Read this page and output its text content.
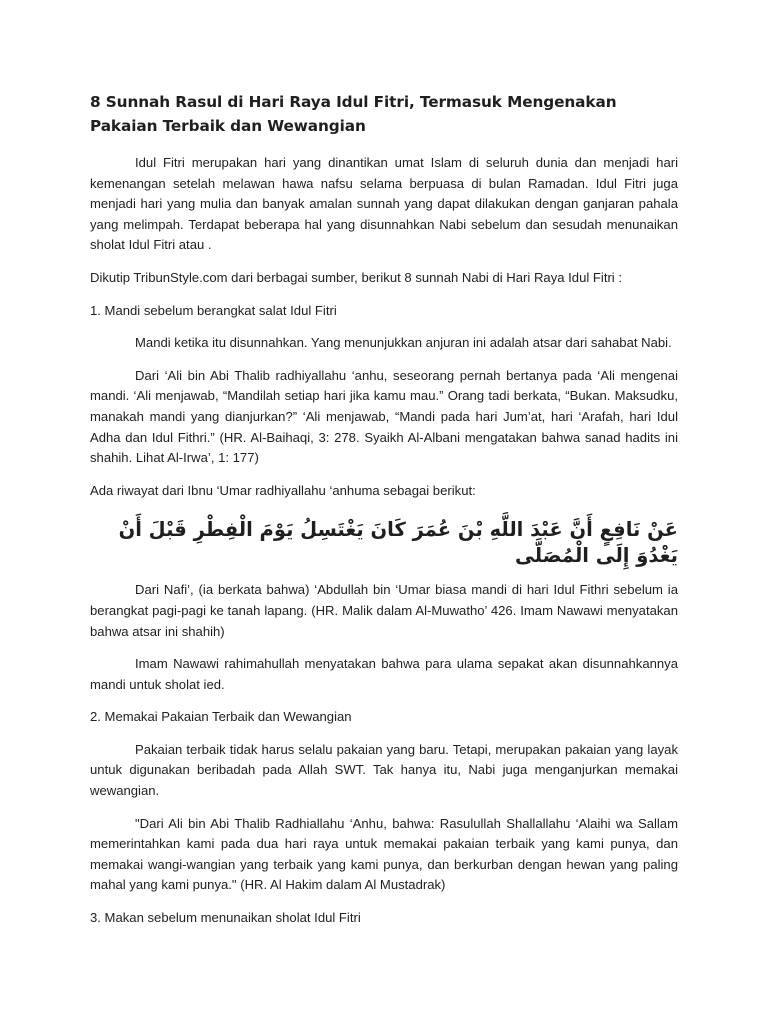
8 Sunnah Rasul di Hari Raya Idul Fitri, Termasuk Mengenakan Pakaian Terbaik dan Wewangian
Idul Fitri merupakan hari yang dinantikan umat Islam di seluruh dunia dan menjadi hari kemenangan setelah melawan hawa nafsu selama berpuasa di bulan Ramadan. Idul Fitri juga menjadi hari yang mulia dan banyak amalan sunnah yang dapat dilakukan dengan ganjaran pahala yang melimpah. Terdapat beberapa hal yang disunnahkan Nabi sebelum dan sesudah menunaikan sholat Idul Fitri atau .
Dikutip TribunStyle.com dari berbagai sumber, berikut 8 sunnah Nabi di Hari Raya Idul Fitri :
1. Mandi sebelum berangkat salat Idul Fitri
Mandi ketika itu disunnahkan. Yang menunjukkan anjuran ini adalah atsar dari sahabat Nabi.
Dari ‘Ali bin Abi Thalib radhiyallahu ‘anhu, seseorang pernah bertanya pada ‘Ali mengenai mandi. ‘Ali menjawab, “Mandilah setiap hari jika kamu mau.” Orang tadi berkata, “Bukan. Maksudku, manakah mandi yang dianjurkan?” ‘Ali menjawab, “Mandi pada hari Jum’at, hari ‘Arafah, hari Idul Adha dan Idul Fithri.” (HR. Al-Baihaqi, 3: 278. Syaikh Al-Albani mengatakan bahwa sanad hadits ini shahih. Lihat Al-Irwa’, 1: 177)
Ada riwayat dari Ibnu ‘Umar radhiyallahu ‘anhuma sebagai berikut:
عَنْ نَافِعٍ أَنَّ عَبْدَ اللَّهِ بْنَ عُمَرَ كَانَ يَغْتَسِلُ يَوْمَ الْفِطْرِ قَبْلَ أَنْ يَغْدُوَ إِلَى الْمُصَلَّى
Dari Nafi’, (ia berkata bahwa) ‘Abdullah bin ‘Umar biasa mandi di hari Idul Fithri sebelum ia berangkat pagi-pagi ke tanah lapang. (HR. Malik dalam Al-Muwatho’ 426. Imam Nawawi menyatakan bahwa atsar ini shahih)
Imam Nawawi rahimahullah menyatakan bahwa para ulama sepakat akan disunnahkannya mandi untuk sholat ied.
2. Memakai Pakaian Terbaik dan Wewangian
Pakaian terbaik tidak harus selalu pakaian yang baru. Tetapi, merupakan pakaian yang layak untuk digunakan beribadah pada Allah SWT. Tak hanya itu, Nabi juga menganjurkan memakai wewangian.
"Dari Ali bin Abi Thalib Radhiallahu ‘Anhu, bahwa: Rasulullah Shallallahu ‘Alaihi wa Sallam memerintahkan kami pada dua hari raya untuk memakai pakaian terbaik yang kami punya, dan memakai wangi-wangian yang terbaik yang kami punya, dan berkurban dengan hewan yang paling mahal yang kami punya." (HR. Al Hakim dalam Al Mustadrak)
3. Makan sebelum menunaikan sholat Idul Fitri
